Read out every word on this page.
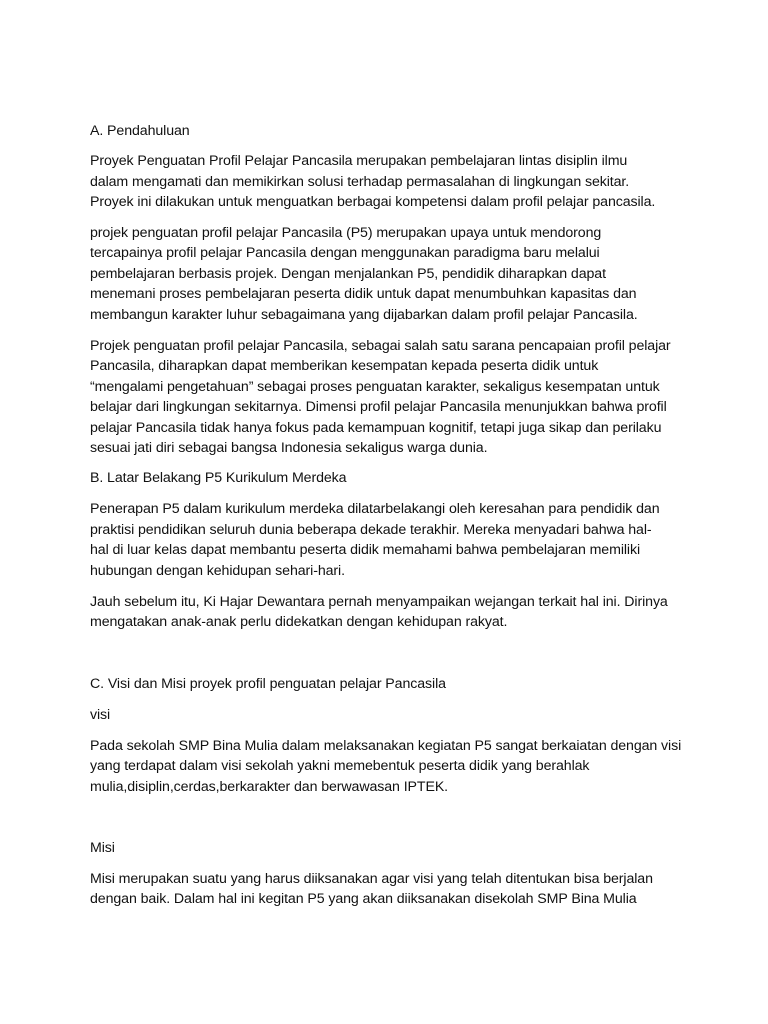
A. Pendahuluan
Proyek Penguatan Profil Pelajar Pancasila merupakan pembelajaran lintas disiplin ilmu
dalam mengamati dan memikirkan solusi terhadap permasalahan di lingkungan sekitar.
Proyek ini dilakukan untuk menguatkan berbagai kompetensi dalam profil pelajar pancasila.
projek penguatan profil pelajar Pancasila (P5) merupakan upaya untuk mendorong
tercapainya profil pelajar Pancasila dengan menggunakan paradigma baru melalui
pembelajaran berbasis projek. Dengan menjalankan P5, pendidik diharapkan dapat
menemani proses pembelajaran peserta didik untuk dapat menumbuhkan kapasitas dan
membangun karakter luhur sebagaimana yang dijabarkan dalam profil pelajar Pancasila.
Projek penguatan profil pelajar Pancasila, sebagai salah satu sarana pencapaian profil pelajar
Pancasila, diharapkan dapat memberikan kesempatan kepada peserta didik untuk
“mengalami pengetahuan” sebagai proses penguatan karakter, sekaligus kesempatan untuk
belajar dari lingkungan sekitarnya. Dimensi profil pelajar Pancasila menunjukkan bahwa profil
pelajar Pancasila tidak hanya fokus pada kemampuan kognitif, tetapi juga sikap dan perilaku
sesuai jati diri sebagai bangsa Indonesia sekaligus warga dunia.
B. Latar Belakang P5 Kurikulum Merdeka
Penerapan P5 dalam kurikulum merdeka dilatarbelakangi oleh keresahan para pendidik dan
praktisi pendidikan seluruh dunia beberapa dekade terakhir. Mereka menyadari bahwa hal-
hal di luar kelas dapat membantu peserta didik memahami bahwa pembelajaran memiliki
hubungan dengan kehidupan sehari-hari.
Jauh sebelum itu, Ki Hajar Dewantara pernah menyampaikan wejangan terkait hal ini. Dirinya
mengatakan anak-anak perlu didekatkan dengan kehidupan rakyat.
C. Visi dan Misi proyek profil penguatan pelajar Pancasila
visi
Pada sekolah SMP Bina Mulia dalam melaksanakan kegiatan P5 sangat berkaiatan dengan visi
yang terdapat dalam visi sekolah yakni memebentuk peserta didik yang berahlak
mulia,disiplin,cerdas,berkarakter dan berwawasan IPTEK.
Misi
Misi merupakan suatu yang harus diiksanakan agar visi yang telah ditentukan bisa berjalan
dengan baik. Dalam hal ini kegitan P5 yang akan diiksanakan disekolah SMP Bina Mulia
